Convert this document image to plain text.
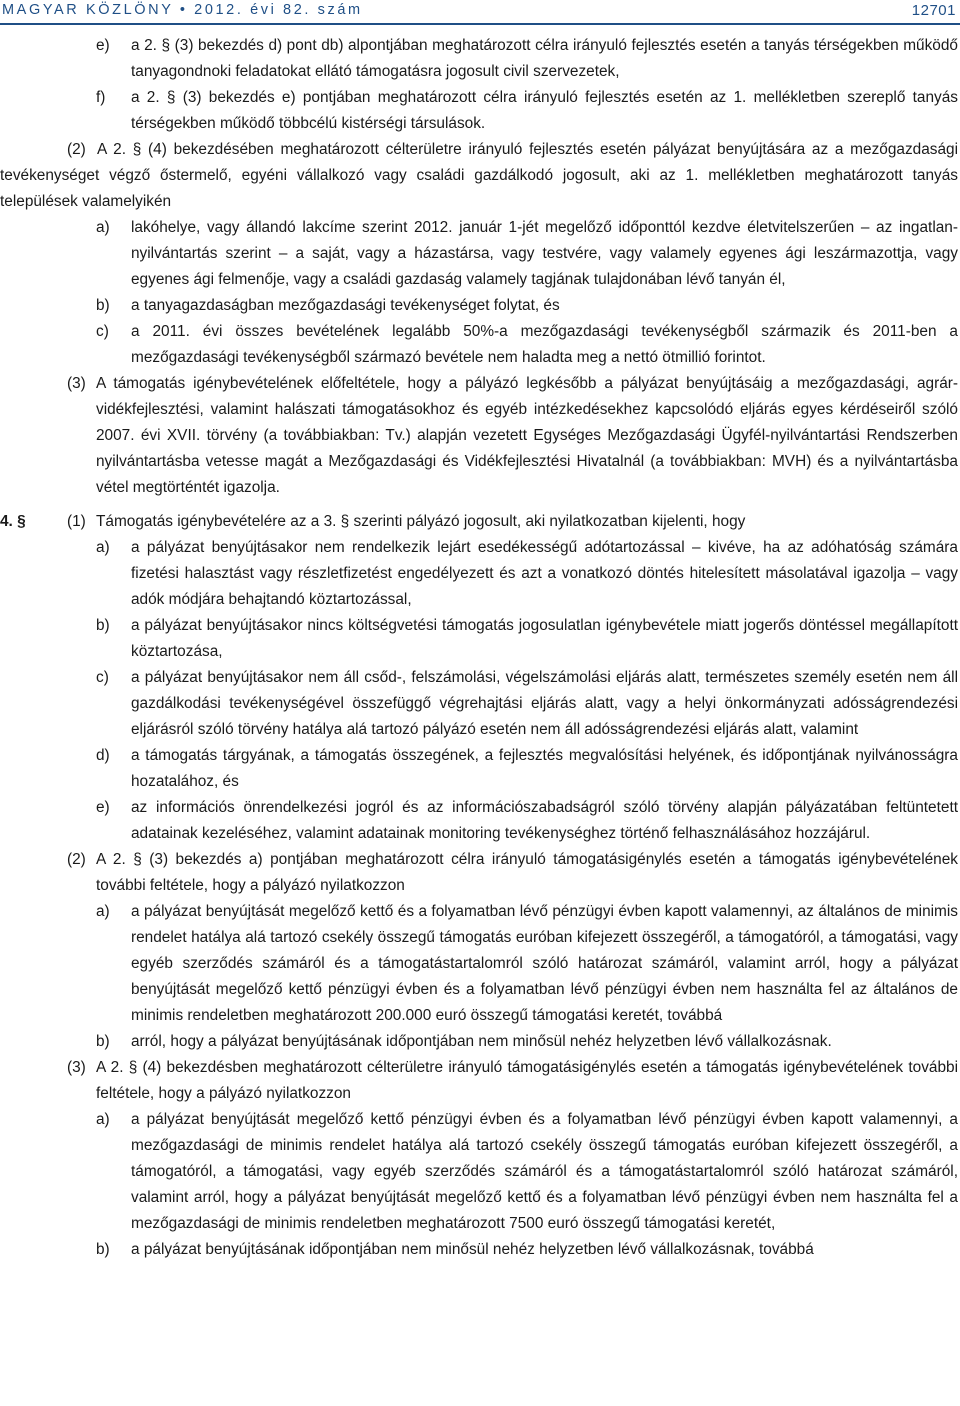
MAGYAR KÖZLÖNY • 2012. évi 82. szám	12701
e) a 2. § (3) bekezdés d) pont db) alpontjában meghatározott célra irányuló fejlesztés esetén a tanyás térségekben működő tanyagondnoki feladatokat ellátó támogatásra jogosult civil szervezetek,
f) a 2. § (3) bekezdés e) pontjában meghatározott célra irányuló fejlesztés esetén az 1. mellékletben szereplő tanyás térségekben működő többcélú kistérségi társulások.
(2) A 2. § (4) bekezdésében meghatározott célterületre irányuló fejlesztés esetén pályázat benyújtására az a mezőgazdasági tevékenységet végző őstermelő, egyéni vállalkozó vagy családi gazdálkodó jogosult, aki az 1. mellékletben meghatározott tanyás települések valamelyikén
a) lakóhelye, vagy állandó lakcíme szerint 2012. január 1-jét megelőző időponttól kezdve életvitelszerűen – az ingatlan-nyilvántartás szerint – a saját, vagy a házastársa, vagy testvére, vagy valamely egyenes ági leszármazottja, vagy egyenes ági felmenője, vagy a családi gazdaság valamely tagjának tulajdonában lévő tanyán él,
b) a tanyagazdaságban mezőgazdasági tevékenységet folytat, és
c) a 2011. évi összes bevételének legalább 50%-a mezőgazdasági tevékenységből származik és 2011-ben a mezőgazdasági tevékenységből származó bevétele nem haladta meg a nettó ötmillió forintot.
(3) A támogatás igénybevételének előfeltétele, hogy a pályázó legkésőbb a pályázat benyújtásáig a mezőgazdasági, agrár-vidékfejlesztési, valamint halászati támogatásokhoz és egyéb intézkedésekhez kapcsolódó eljárás egyes kérdéseiről szóló 2007. évi XVII. törvény (a továbbiakban: Tv.) alapján vezetett Egységes Mezőgazdasági Ügyfél-nyilvántartási Rendszerben nyilvántartásba vetesse magát a Mezőgazdasági és Vidékfejlesztési Hivatalnál (a továbbiakban: MVH) és a nyilvántartásba vétel megtörténtét igazolja.
4. §	(1) Támogatás igénybevételére az a 3. § szerinti pályázó jogosult, aki nyilatkozatban kijelenti, hogy
a) a pályázat benyújtásakor nem rendelkezik lejárt esedékességű adótartozással – kivéve, ha az adóhatóság számára fizetési halasztást vagy részletfizetést engedélyezett és azt a vonatkozó döntés hitelesített másolatával igazolja – vagy adók módjára behajtandó köztartozással,
b) a pályázat benyújtásakor nincs költségvetési támogatás jogosulatlan igénybevétele miatt jogerős döntéssel megállapított köztartozása,
c) a pályázat benyújtásakor nem áll csőd-, felszámolási, végelszámolási eljárás alatt, természetes személy esetén nem áll gazdálkodási tevékenységével összefüggő végrehajtási eljárás alatt, vagy a helyi önkormányzati adósságrendezési eljárásról szóló törvény hatálya alá tartozó pályázó esetén nem áll adósságrendezési eljárás alatt, valamint
d) a támogatás tárgyának, a támogatás összegének, a fejlesztés megvalósítási helyének, és időpontjának nyilvánosságra hozatalához, és
e) az információs önrendelkezési jogról és az információszabadságról szóló törvény alapján pályázatában feltüntetett adatainak kezeléséhez, valamint adatainak monitoring tevékenységhez történő felhasználásához hozzájárul.
(2) A 2. § (3) bekezdés a) pontjában meghatározott célra irányuló támogatásigénylés esetén a támogatás igénybevételének további feltétele, hogy a pályázó nyilatkozzon
a) a pályázat benyújtását megelőző kettő és a folyamatban lévő pénzügyi évben kapott valamennyi, az általános de minimis rendelet hatálya alá tartozó csekély összegű támogatás euróban kifejezett összegéről, a támogatóról, a támogatási, vagy egyéb szerződés számáról és a támogatástartalomról szóló határozat számáról, valamint arról, hogy a pályázat benyújtását megelőző kettő pénzügyi évben és a folyamatban lévő pénzügyi évben nem használta fel az általános de minimis rendeletben meghatározott 200.000 euró összegű támogatási keretét, továbbá
b) arról, hogy a pályázat benyújtásának időpontjában nem minősül nehéz helyzetben lévő vállalkozásnak.
(3) A 2. § (4) bekezdésben meghatározott célterületre irányuló támogatásigénylés esetén a támogatás igénybevételének további feltétele, hogy a pályázó nyilatkozzon
a) a pályázat benyújtását megelőző kettő pénzügyi évben és a folyamatban lévő pénzügyi évben kapott valamennyi, a mezőgazdasági de minimis rendelet hatálya alá tartozó csekély összegű támogatás euróban kifejezett összegéről, a támogatóról, a támogatási, vagy egyéb szerződés számáról és a támogatástartalomról szóló határozat számáról, valamint arról, hogy a pályázat benyújtását megelőző kettő és a folyamatban lévő pénzügyi évben nem használta fel a mezőgazdasági de minimis rendeletben meghatározott 7500 euró összegű támogatási keretét,
b) a pályázat benyújtásának időpontjában nem minősül nehéz helyzetben lévő vállalkozásnak, továbbá
